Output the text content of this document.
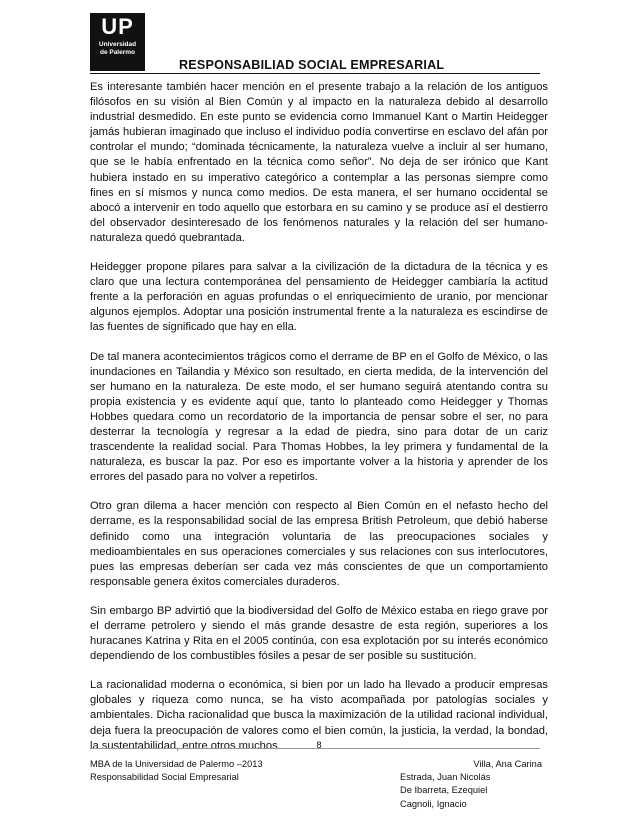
UP
Universidad
de Palermo
RESPONSABILIAD SOCIAL EMPRESARIAL

Es interesante también hacer mención en el presente trabajo a la relación de los antiguos filósofos en su visión al Bien Común y al impacto en la naturaleza debido al desarrollo industrial desmedido. En este punto se evidencia como Immanuel Kant o Martin Heidegger jamás hubieran imaginado que incluso el individuo podía convertirse en esclavo del afán por controlar el mundo; “dominada técnicamente, la naturaleza vuelve a incluir al ser humano, que se le había enfrentado en la técnica como señor”. No deja de ser irónico que Kant hubiera instado en su imperativo categórico a contemplar a las personas siempre como fines en sí mismos y nunca como medios. De esta manera, el ser humano occidental se abocó a intervenir en todo aquello que estorbara en su camino y se produce así el destierro del observador desinteresado de los fenómenos naturales y la relación del ser humano-naturaleza quedó quebrantada.

Heidegger propone pilares para salvar a la civilización de la dictadura de la técnica y es claro que una lectura contemporánea del pensamiento de Heidegger cambiaría la actitud frente a la perforación en aguas profundas o el enriquecimiento de uranio, por mencionar algunos ejemplos. Adoptar una posición instrumental frente a la naturaleza es escindirse de las fuentes de significado que hay en ella.

De tal manera acontecimientos trágicos como el derrame de BP en el Golfo de México, o las inundaciones en Tailandia y México son resultado, en cierta medida, de la intervención del ser humano en la naturaleza. De este modo, el ser humano seguirá atentando contra su propia existencia y es evidente aquí que, tanto lo planteado como Heidegger y Thomas Hobbes quedara como un recordatorio de la importancia de pensar sobre el ser, no para desterrar la tecnología y regresar a la edad de piedra, sino para dotar de un cariz trascendente la realidad social. Para Thomas Hobbes, la ley primera y fundamental de la naturaleza, es buscar la paz. Por eso es importante volver a la historia y aprender de los errores del pasado para no volver a repetirlos.

Otro gran dilema a hacer mención con respecto al Bien Común en el nefasto hecho del derrame, es la responsabilidad social de las empresa British Petroleum, que debió haberse definido como una integración voluntaria de las preocupaciones sociales y medioambientales en sus operaciones comerciales y sus relaciones con sus interlocutores, pues las empresas deberían ser cada vez más conscientes de que un comportamiento responsable genera éxitos comerciales duraderos.

Sin embargo BP advirtió que la biodiversidad del Golfo de México estaba en riego grave por el derrame petrolero y siendo el más grande desastre de esta región, superiores a los huracanes Katrina y Rita en el 2005 continúa, con esa explotación por su interés económico dependiendo de los combustibles fósiles a pesar de ser posible su sustitución.

La racionalidad moderna o económica, si bien por un lado ha llevado a producir empresas globales y riqueza como nunca, se ha visto acompañada por patologías sociales y ambientales. Dicha racionalidad que busca la maximización de la utilidad racional individual, deja fuera la preocupación de valores como el bien común, la justicia, la verdad, la bondad, la sustentabilidad, entre otros muchos.	8
MBA de la Universidad de Palermo –2013
Responsabilidad Social Empresarial
Villa, Ana Carina
Estrada, Juan Nicolás
De Ibarreta, Ezequiel
Cagnoli, Ignacio
